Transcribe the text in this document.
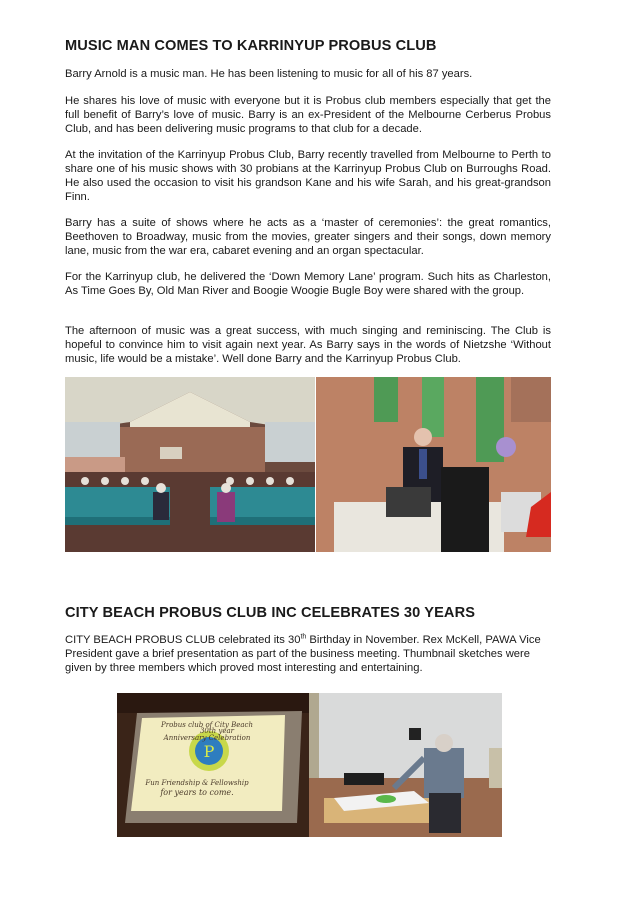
MUSIC MAN COMES TO KARRINYUP PROBUS CLUB

Barry Arnold is a music man. He has been listening to music for all of his 87 years.

He shares his love of music with everyone but it is Probus club members especially that get the full benefit of Barry’s love of music. Barry is an ex-President of the Melbourne Cerberus Probus Club, and has been delivering music programs to that club for a decade.

At the invitation of the Karrinyup Probus Club, Barry recently travelled from Melbourne to Perth to share one of his music shows with 30 probians at the Karrinyup Probus Club on Burroughs Road. He also used the occasion to visit his grandson Kane and his wife Sarah, and his great-grandson Finn.

Barry has a suite of shows where he acts as a ‘master of ceremonies’: the great romantics, Beethoven to Broadway, music from the movies, greater singers and their songs, down memory lane, music from the war era, cabaret evening and an organ spectacular.

For the Karrinyup club, he delivered the ‘Down Memory Lane’ program. Such hits as Charleston, As Time Goes By, Old Man River and Boogie Woogie Bugle Boy were shared with the group.

The afternoon of music was a great success, with much singing and reminiscing. The Club is hopeful to convince him to visit again next year. As Barry says in the words of Nietzshe ‘Without music, life would be a mistake’. Well done Barry and the Karrinyup Probus Club.

CITY BEACH PROBUS CLUB INC CELEBRATES 30 YEARS

CITY BEACH PROBUS CLUB celebrated its 30th Birthday in November. Rex McKell, PAWA Vice President gave a brief presentation as part of the business meeting. Thumbnail sketches were given by three members which proved most interesting and entertaining.

P
Probus club of City Beach
30th year
Anniversary Celebration
Fun Friendship & Fellowship
for years to come.
